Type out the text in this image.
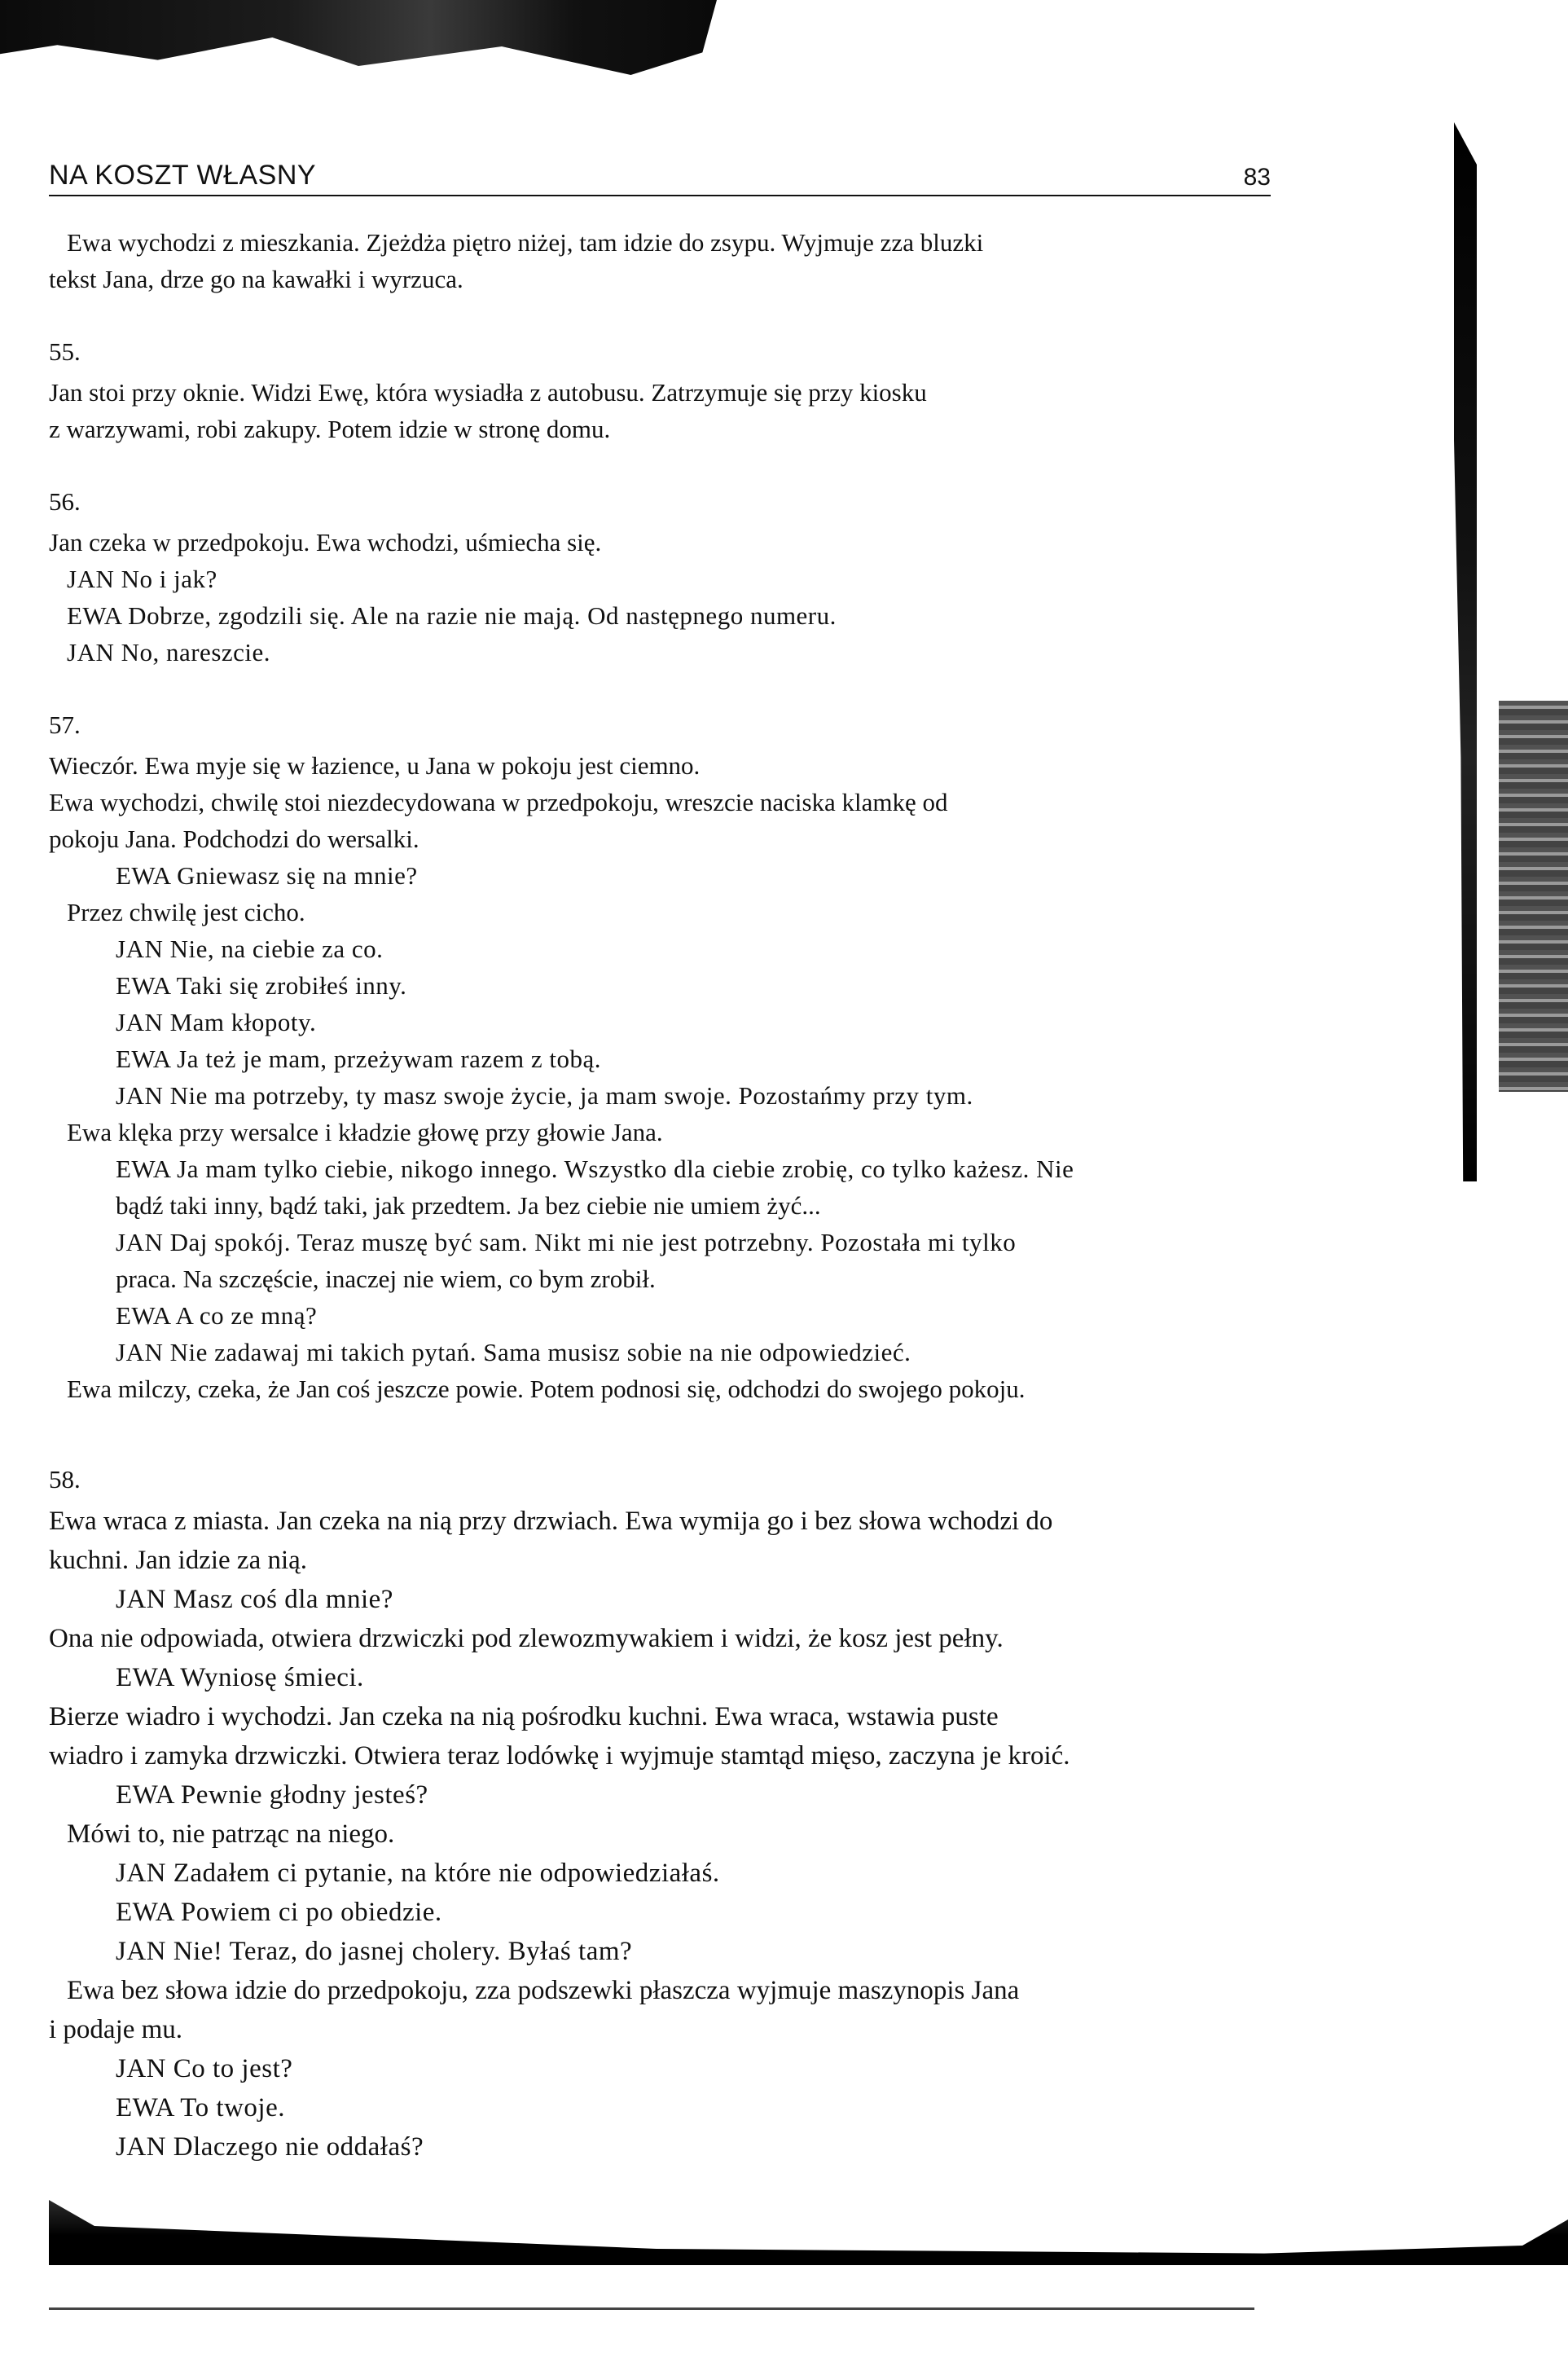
NA KOSZT WŁASNY	83

Ewa wychodzi z mieszkania. Zjeżdża piętro niżej, tam idzie do zsypu. Wyjmuje zza bluzki

tekst Jana, drze go na kawałki i wyrzuca.

55.

Jan stoi przy oknie. Widzi Ewę, która wysiadła z autobusu. Zatrzymuje się przy kiosku

z warzywami, robi zakupy. Potem idzie w stronę domu.

56.

Jan czeka w przedpokoju. Ewa wchodzi, uśmiecha się.

JAN No i jak?

EWA Dobrze, zgodzili się. Ale na razie nie mają. Od następnego numeru.

JAN No, nareszcie.

57.

Wieczór. Ewa myje się w łazience, u Jana w pokoju jest ciemno.

Ewa wychodzi, chwilę stoi niezdecydowana w przedpokoju, wreszcie naciska klamkę od

pokoju Jana. Podchodzi do wersalki.

EWA Gniewasz się na mnie?

Przez chwilę jest cicho.

JAN Nie, na ciebie za co.

EWA Taki się zrobiłeś inny.

JAN Mam kłopoty.

EWA Ja też je mam, przeżywam razem z tobą.

JAN Nie ma potrzeby, ty masz swoje życie, ja mam swoje. Pozostańmy przy tym.

Ewa klęka przy wersalce i kładzie głowę przy głowie Jana.

EWA Ja mam tylko ciebie, nikogo innego. Wszystko dla ciebie zrobię, co tylko każesz. Nie

bądź taki inny, bądź taki, jak przedtem. Ja bez ciebie nie umiem żyć...

JAN Daj spokój. Teraz muszę być sam. Nikt mi nie jest potrzebny. Pozostała mi tylko

praca. Na szczęście, inaczej nie wiem, co bym zrobił.

EWA A co ze mną?

JAN Nie zadawaj mi takich pytań. Sama musisz sobie na nie odpowiedzieć.

Ewa milczy, czeka, że Jan coś jeszcze powie. Potem podnosi się, odchodzi do swojego pokoju.

58.

Ewa wraca z miasta. Jan czeka na nią przy drzwiach. Ewa wymija go i bez słowa wchodzi do

kuchni. Jan idzie za nią.

JAN Masz coś dla mnie?

Ona nie odpowiada, otwiera drzwiczki pod zlewozmywakiem i widzi, że kosz jest pełny.

EWA Wyniosę śmieci.

Bierze wiadro i wychodzi. Jan czeka na nią pośrodku kuchni. Ewa wraca, wstawia puste

wiadro i zamyka drzwiczki. Otwiera teraz lodówkę i wyjmuje stamtąd mięso, zaczyna je kroić.

EWA Pewnie głodny jesteś?

Mówi to, nie patrząc na niego.

JAN Zadałem ci pytanie, na które nie odpowiedziałaś.

EWA Powiem ci po obiedzie.

JAN Nie! Teraz, do jasnej cholery. Byłaś tam?

Ewa bez słowa idzie do przedpokoju, zza podszewki płaszcza wyjmuje maszynopis Jana

i podaje mu.

JAN Co to jest?

EWA To twoje.

JAN Dlaczego nie oddałaś?
